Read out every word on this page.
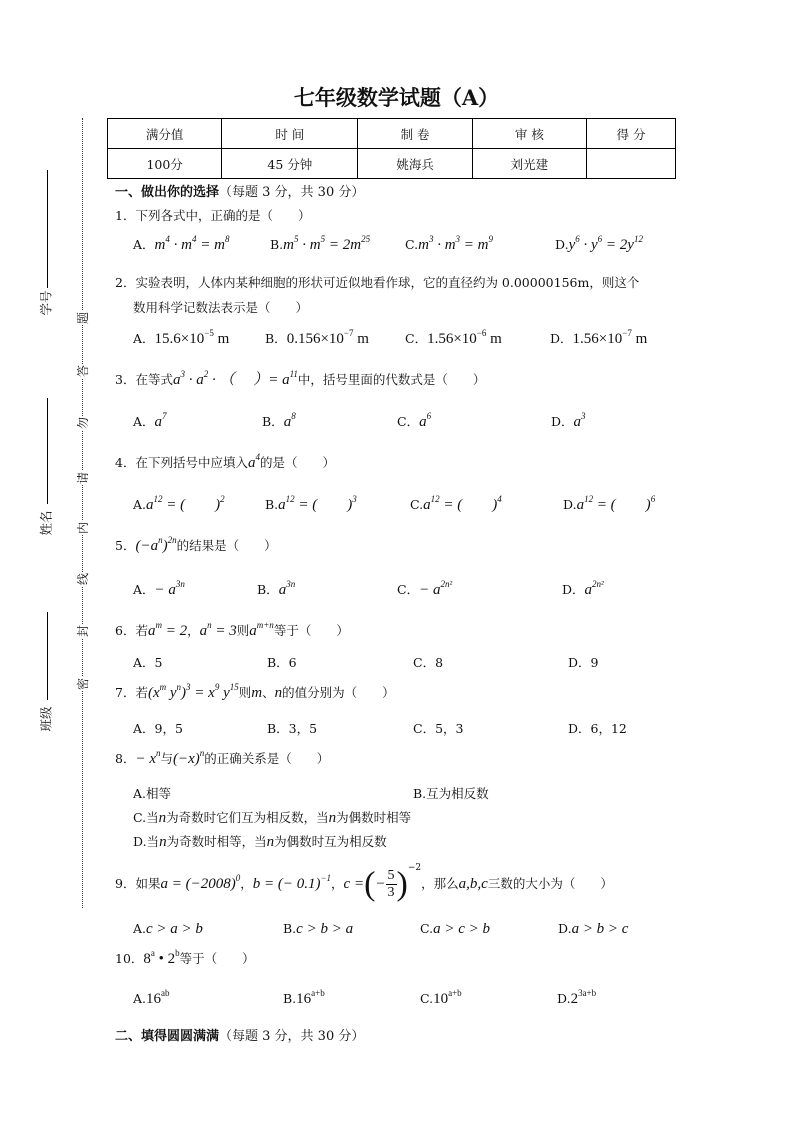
七年级数学试题（A）
满分值	时 间	制 卷	审 核	得 分
100分	45 分钟	姚海兵	刘光建	
学号
姓名
班级
题
答
勿
请
内
线
封
密
一、做出你的选择（每题 3 分，共 30 分）
1．下列各式中，正确的是（　　）
A．$m^4 \cdot m^4 = m^8$	$B.m^5 \cdot m^5 = 2m^{25}$	$C.m^3 \cdot m^3 = m^9$	$D.y^6 \cdot y^6 = 2y^{12}$
2．实验表明，人体内某种细胞的形状可近似地看作球，它的直径约为 0.00000156m，则这个
数用科学记数法表示是（　　）
A．$15.6\times 10^{-5}$ m	B．$0.156\times 10^{-7}$ m	C．$1.56\times 10^{-6}$ m	D．$1.56\times 10^{-7}$ m
3．在等式$a^3 \cdot a^2$ · （　 ）= $a^{11}$中，括号里面的代数式是（　　）
A．$a^7$	B．$a^8$	C．$a^6$	D．$a^3$
4．在下列括号中应填入$a^4$的是（　　）
$A.a^{12}$ = (　　)$^2$	$B.a^{12}$ = (　　)$^3$	$C.a^{12}$ = (　　)$^4$	$D.a^{12}$ = (　　)$^6$
5．$(-a^n)^{2n}$的结果是（　　）
A．− $a^{3n}$	B．$a^{3n}$	C．− $a^{2n^2}$	D．$a^{2n^2}$
6．若$a^m = 2$，$a^n = 3$则$a^{m+n}$等于（　　）
A．5	B．6	C．8	D．9
7．若($x^m$ $y^n)^3 = x^9$ $y^{15}$则m、n的值分别为（　　）
A．9，5	B．3，5	C．5，3	D．6，12
8．− $x^n$与$(-x)^n$的正确关系是（　　）
A.相等	B.互为相反数
C.当n为奇数时它们互为相反数，当n为偶数时相等
D.当n为奇数时相等，当n为偶数时互为相反数
9．如果$a = (-2008)^0$，b = (− 0.1)$^{-1}$，c =(− $\frac{5}{3} )^{-2}$，那么a,b,c三数的大小为（　　）
A.c > a > b	B.c > b > a	C.a > c > b	D.a > b > c
10．8$^a$ • 2$^b$等于（　　）
A.16$^{ab}$	$B.16^{a+b}$	$C.10^{a+b}$	$D.2^{3a+b}$
二、填得圆圆满满（每题 3 分，共 30 分）
